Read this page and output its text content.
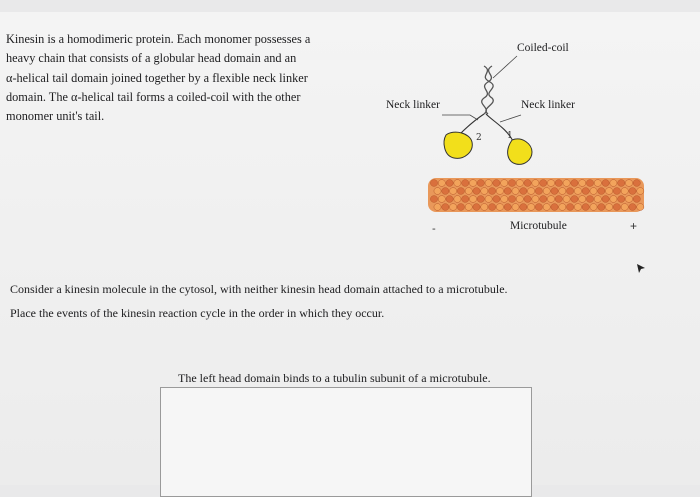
Kinesin is a homodimeric protein. Each monomer possesses a
heavy chain that consists of a globular head domain and an
α-helical tail domain joined together by a flexible neck linker
domain. The α-helical tail forms a coiled-coil with the other
monomer unit's tail.
2	1
-
Coiled-coil
Neck linker	Neck linker
Microtubule	+

Consider a kinesin molecule in the cytosol, with neither kinesin head domain attached to a microtubule.

Place the events of the kinesin reaction cycle in the order in which they occur.

The left head domain binds to a tubulin subunit of a microtubule.
